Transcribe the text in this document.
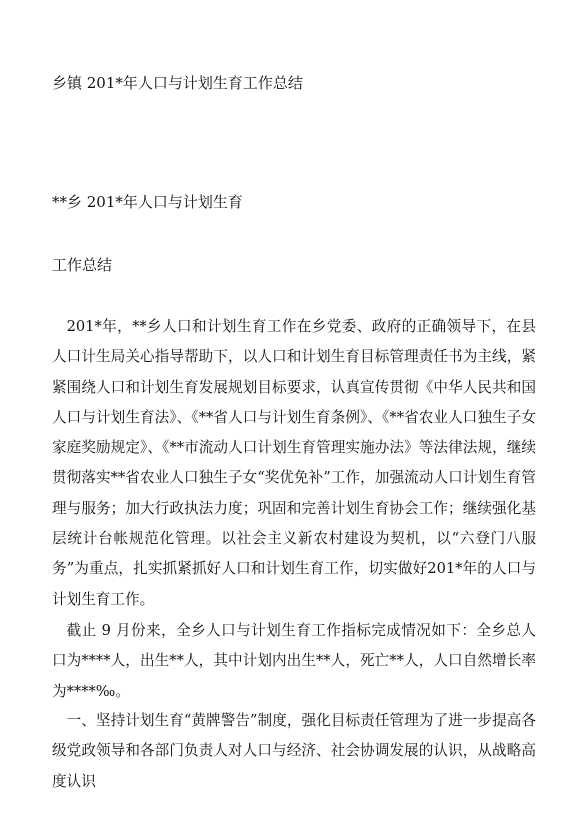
乡镇 201*年人口与计划生育工作总结
**乡 201*年人口与计划生育
工作总结

201*年，**乡人口和计划生育工作在乡党委、政府的正确领导下，在县人口计生局关心指导帮助下，以人口和计划生育目标管理责任书为主线，紧紧围绕人口和计划生育发展规划目标要求，认真宣传贯彻《中华人民共和国人口与计划生育法》、《**省人口与计划生育条例》、《**省农业人口独生子女家庭奖励规定》、《**市流动人口计划生育管理实施办法》等法律法规，继续贯彻落实**省农业人口独生子女“奖优免补”工作，加强流动人口计划生育管理与服务；加大行政执法力度；巩固和完善计划生育协会工作；继续强化基层统计台帐规范化管理。以社会主义新农村建设为契机，以“六登门八服务”为重点，扎实抓紧抓好人口和计划生育工作，切实做好201*年的人口与计划生育工作。

截止 9 月份来，全乡人口与计划生育工作指标完成情况如下：全乡总人口为****人，出生**人，其中计划内出生**人，死亡**人，人口自然增长率为****‰。

一、坚持计划生育“黄牌警告”制度，强化目标责任管理为了进一步提高各级党政领导和各部门负责人对人口与经济、社会协调发展的认识，从战略高度认识
